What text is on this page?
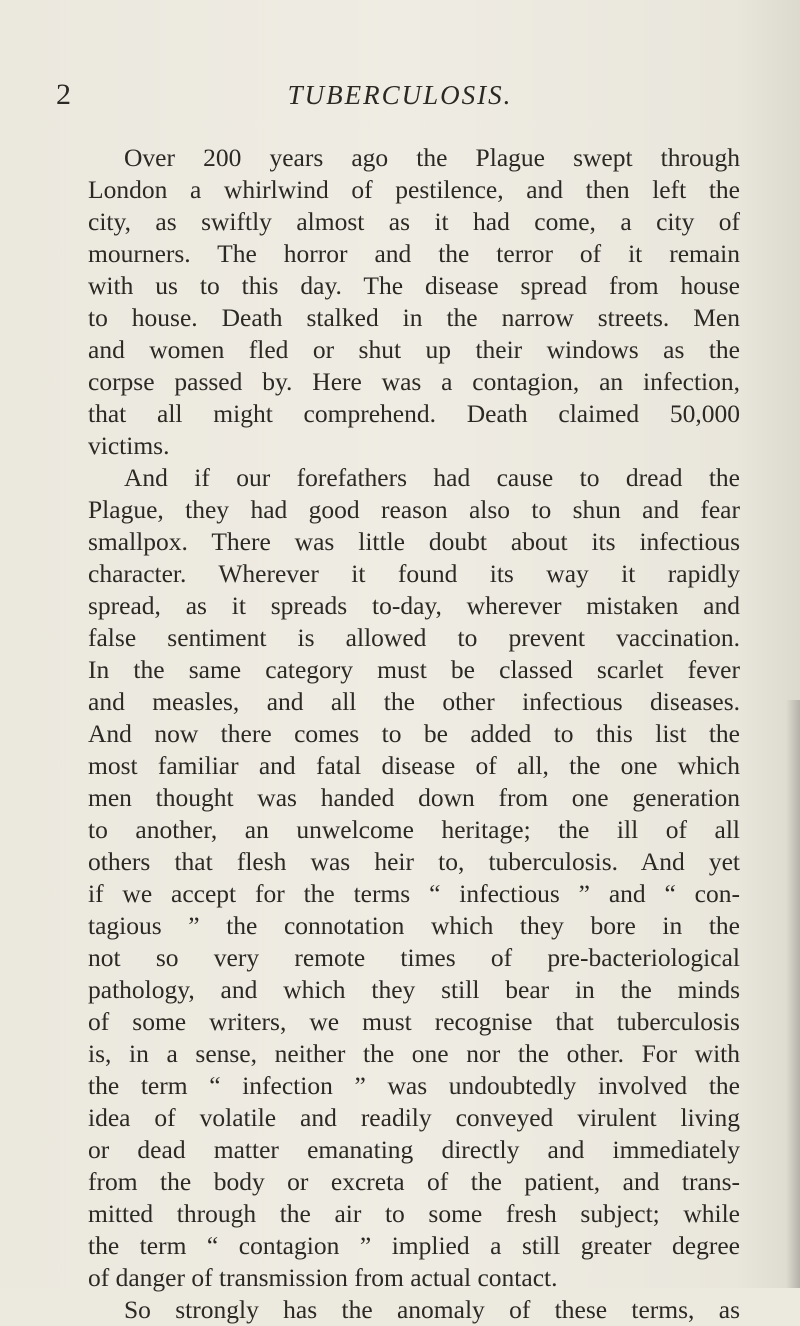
2	TUBERCULOSIS.
Over 200 years ago the Plague swept through
London a whirlwind of pestilence, and then left the
city, as swiftly almost as it had come, a city of
mourners. The horror and the terror of it remain
with us to this day. The disease spread from house
to house. Death stalked in the narrow streets. Men
and women fled or shut up their windows as the
corpse passed by. Here was a contagion, an infection,
that all might comprehend. Death claimed 50,000
victims.
And if our forefathers had cause to dread the
Plague, they had good reason also to shun and fear
smallpox. There was little doubt about its infectious
character. Wherever it found its way it rapidly
spread, as it spreads to-day, wherever mistaken and
false sentiment is allowed to prevent vaccination.
In the same category must be classed scarlet fever
and measles, and all the other infectious diseases.
And now there comes to be added to this list the
most familiar and fatal disease of all, the one which
men thought was handed down from one generation
to another, an unwelcome heritage; the ill of all
others that flesh was heir to, tuberculosis. And yet
if we accept for the terms “ infectious ” and “ con-
tagious ” the connotation which they bore in the
not so very remote times of pre-bacteriological
pathology, and which they still bear in the minds
of some writers, we must recognise that tuberculosis
is, in a sense, neither the one nor the other. For with
the term “ infection ” was undoubtedly involved the
idea of volatile and readily conveyed virulent living
or dead matter emanating directly and immediately
from the body or excreta of the patient, and trans-
mitted through the air to some fresh subject; while
the term “ contagion ” implied a still greater degree
of danger of transmission from actual contact.
So strongly has the anomaly of these terms, as
